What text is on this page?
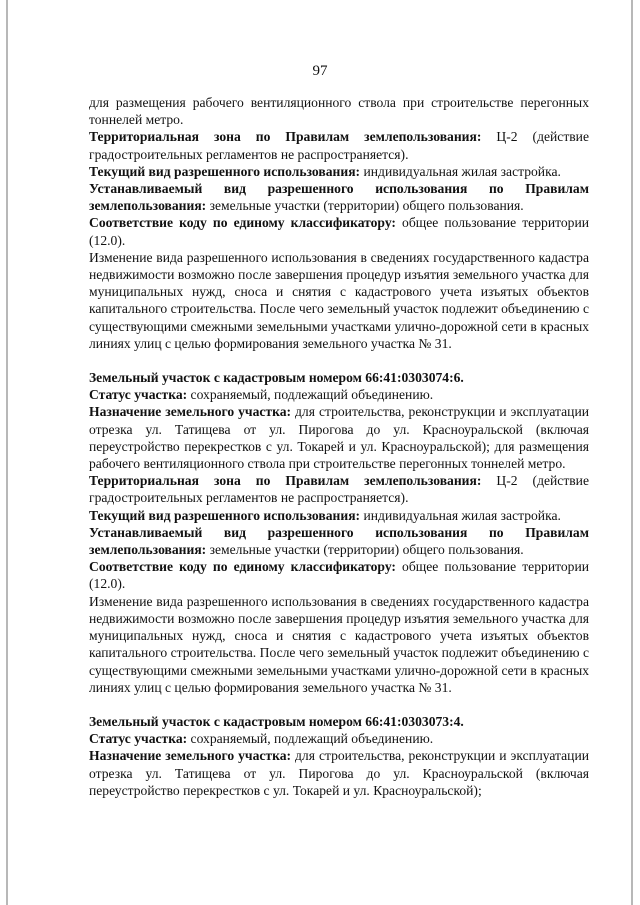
97

для размещения рабочего вентиляционного ствола при строительстве перегонных тоннелей метро.

Территориальная зона по Правилам землепользования: Ц-2 (действие градостроительных регламентов не распространяется).

Текущий вид разрешенного использования: индивидуальная жилая застройка.

Устанавливаемый вид разрешенного использования по Правилам землепользования: земельные участки (территории) общего пользования.

Соответствие коду по единому классификатору: общее пользование территории (12.0).

Изменение вида разрешенного использования в сведениях государственного кадастра недвижимости возможно после завершения процедур изъятия земельного участка для муниципальных нужд, сноса и снятия с кадастрового учета изъятых объектов капитального строительства. После чего земельный участок подлежит объединению с существующими смежными земельными участками улично-дорожной сети в красных линиях улиц с целью формирования земельного участка № 31.

Земельный участок с кадастровым номером 66:41:0303074:6.

Статус участка: сохраняемый, подлежащий объединению.

Назначение земельного участка: для строительства, реконструкции и эксплуатации отрезка ул. Татищева от ул. Пирогова до ул. Красноуральской (включая переустройство перекрестков с ул. Токарей и ул. Красноуральской); для размещения рабочего вентиляционного ствола при строительстве перегонных тоннелей метро.

Территориальная зона по Правилам землепользования: Ц-2 (действие градостроительных регламентов не распространяется).

Текущий вид разрешенного использования: индивидуальная жилая застройка.

Устанавливаемый вид разрешенного использования по Правилам землепользования: земельные участки (территории) общего пользования.

Соответствие коду по единому классификатору: общее пользование территории (12.0).

Изменение вида разрешенного использования в сведениях государственного кадастра недвижимости возможно после завершения процедур изъятия земельного участка для муниципальных нужд, сноса и снятия с кадастрового учета изъятых объектов капитального строительства. После чего земельный участок подлежит объединению с существующими смежными земельными участками улично-дорожной сети в красных линиях улиц с целью формирования земельного участка № 31.

Земельный участок с кадастровым номером 66:41:0303073:4.

Статус участка: сохраняемый, подлежащий объединению.

Назначение земельного участка: для строительства, реконструкции и эксплуатации отрезка ул. Татищева от ул. Пирогова до ул. Красноуральской (включая переустройство перекрестков с ул. Токарей и ул. Красноуральской);
